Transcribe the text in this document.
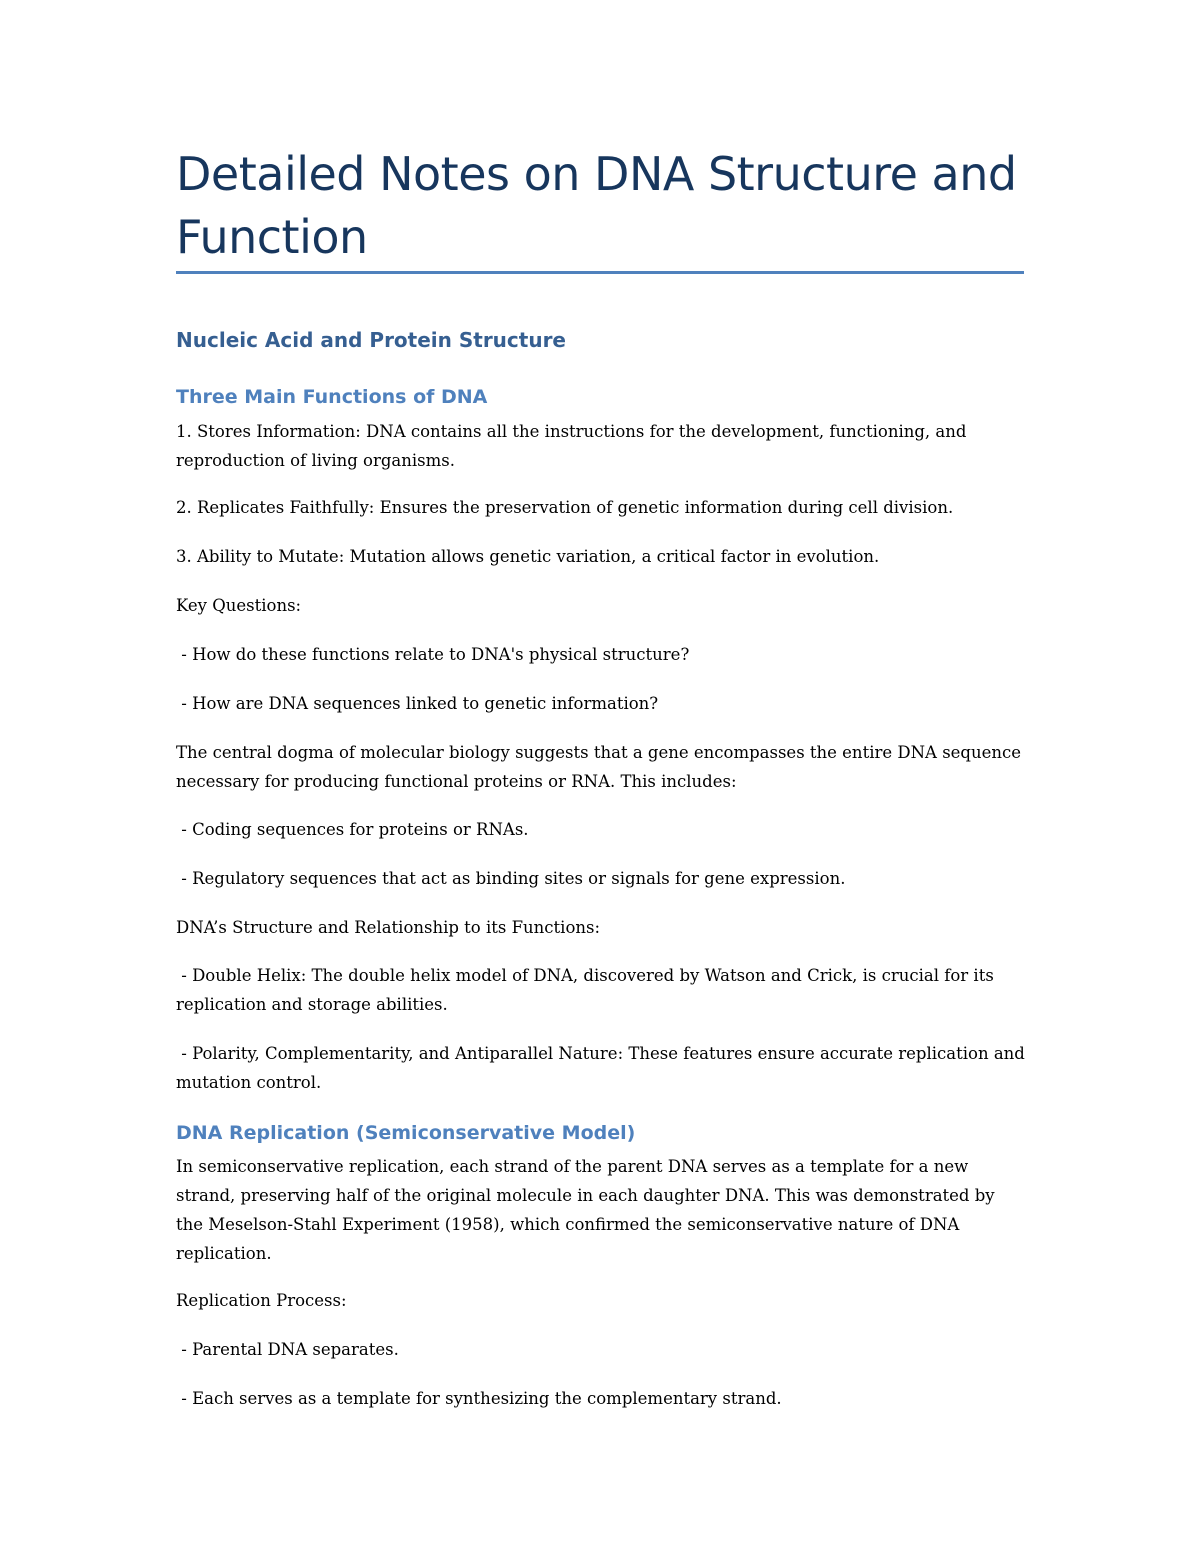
Detailed Notes on DNA Structure and Function
Nucleic Acid and Protein Structure
Three Main Functions of DNA

1. Stores Information: DNA contains all the instructions for the development, functioning, and reproduction of living organisms.

2. Replicates Faithfully: Ensures the preservation of genetic information during cell division.

3. Ability to Mutate: Mutation allows genetic variation, a critical factor in evolution.

Key Questions:

- How do these functions relate to DNA's physical structure?

- How are DNA sequences linked to genetic information?

The central dogma of molecular biology suggests that a gene encompasses the entire DNA sequence necessary for producing functional proteins or RNA. This includes:

- Coding sequences for proteins or RNAs.

- Regulatory sequences that act as binding sites or signals for gene expression.

DNA’s Structure and Relationship to its Functions:

- Double Helix: The double helix model of DNA, discovered by Watson and Crick, is crucial for its replication and storage abilities.

- Polarity, Complementarity, and Antiparallel Nature: These features ensure accurate replication and mutation control.

DNA Replication (Semiconservative Model)

In semiconservative replication, each strand of the parent DNA serves as a template for a new strand, preserving half of the original molecule in each daughter DNA. This was demonstrated by the Meselson-Stahl Experiment (1958), which confirmed the semiconservative nature of DNA replication.

Replication Process:

- Parental DNA separates.

- Each serves as a template for synthesizing the complementary strand.
